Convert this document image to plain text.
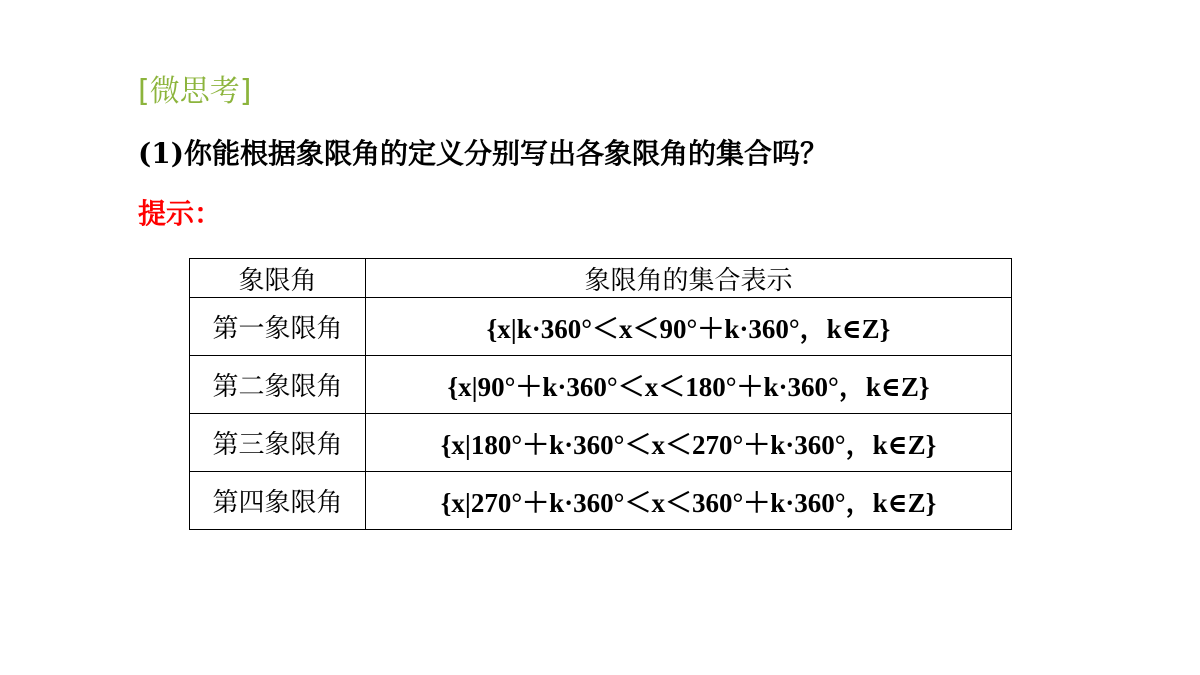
[微思考]
(1)你能根据象限角的定义分别写出各象限角的集合吗？
提示：
象限角	象限角的集合表示
第一象限角	{x|k·360°＜x＜90°＋k·360°，k∈Z}
第二象限角	{x|90°＋k·360°＜x＜180°＋k·360°，k∈Z}
第三象限角	{x|180°＋k·360°＜x＜270°＋k·360°，k∈Z}
第四象限角	{x|270°＋k·360°＜x＜360°＋k·360°，k∈Z}
